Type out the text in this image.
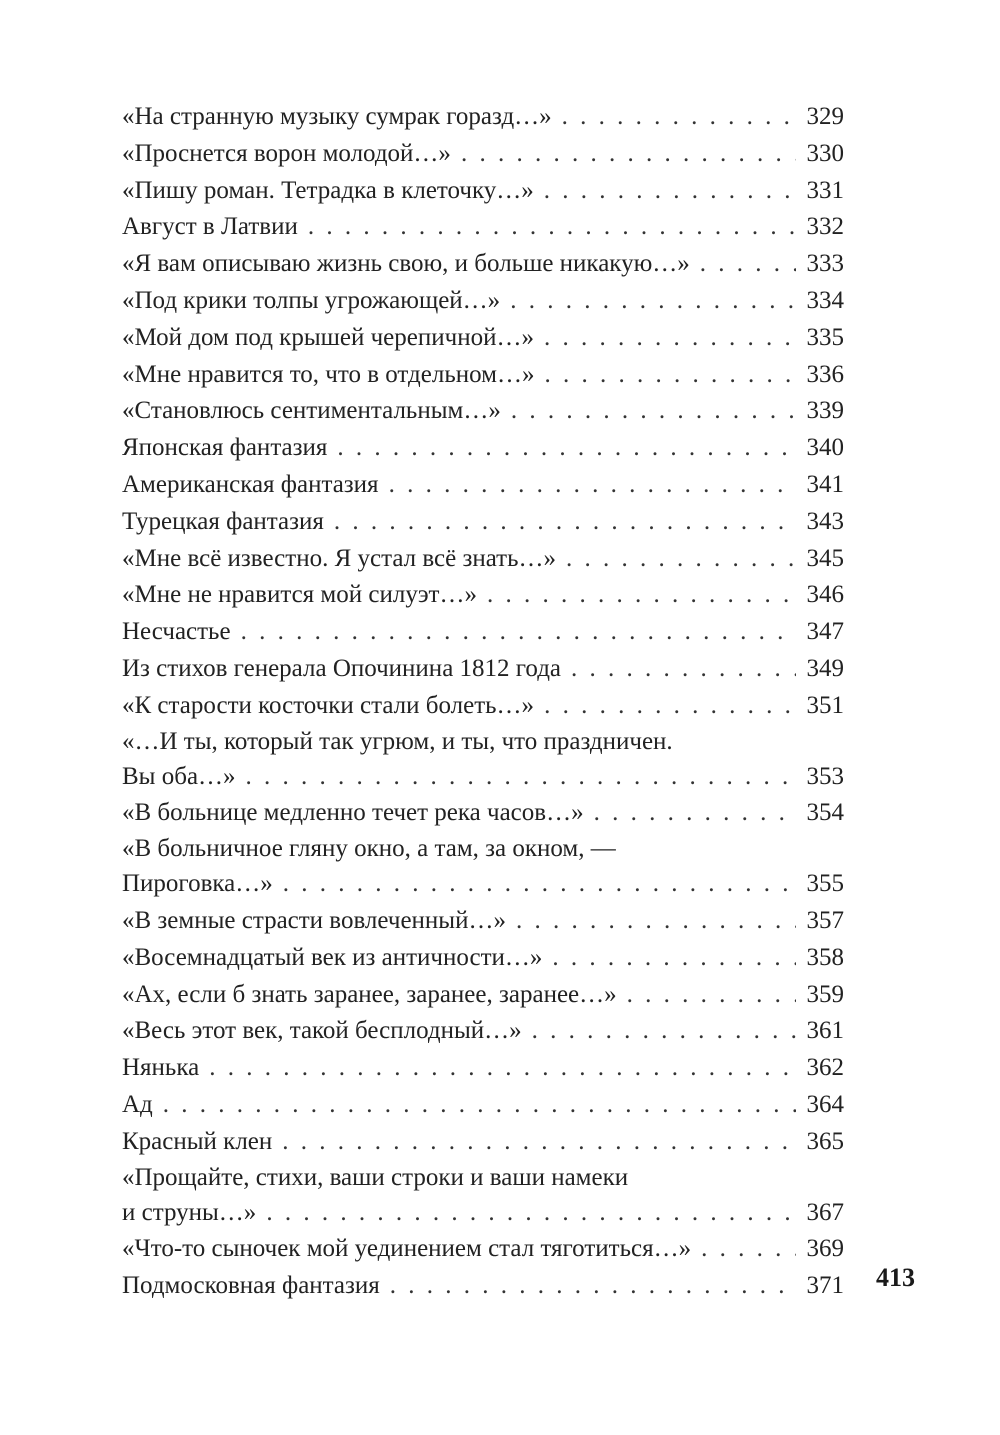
«На странную музыку сумрак горазд…» . . .	329
«Проснется ворон молодой…» . . .	330
«Пишу роман. Тетрадка в клеточку…» . . .	331
Август в Латвии . . .	332
«Я вам описываю жизнь свою, и больше никакую…» . . .	333
«Под крики толпы угрожающей…» . . .	334
«Мой дом под крышей черепичной…» . . .	335
«Мне нравится то, что в отдельном…» . . .	336
«Становлюсь сентиментальным…» . . .	339
Японская фантазия . . .	340
Американская фантазия . . .	341
Турецкая фантазия . . .	343
«Мне всё известно. Я устал всё знать…» . . .	345
«Мне не нравится мой силуэт…» . . .	346
Несчастье . . .	347
Из стихов генерала Опочинина 1812 года . . .	349
«К старости косточки стали болеть…» . . .	351
«…И ты, который так угрюм, и ты, что праздничен.
Вы оба…» . . .	353
«В больнице медленно течет река часов…» . . .	354
«В больничное гляну окно, а там, за окном, —
Пироговка…» . . .	355
«В земные страсти вовлеченный…» . . .	357
«Восемнадцатый век из античности…» . . .	358
«Ах, если б знать заранее, заранее, заранее…» . . .	359
«Весь этот век, такой бесплодный…» . . .	361
Нянька . . .	362
Ад . . .	364
Красный клен . . .	365
«Прощайте, стихи, ваши строки и ваши намеки
и струны…» . . .	367
«Что-то сыночек мой уединением стал тяготиться…» . . .	369
Подмосковная фантазия . . .	371 413
